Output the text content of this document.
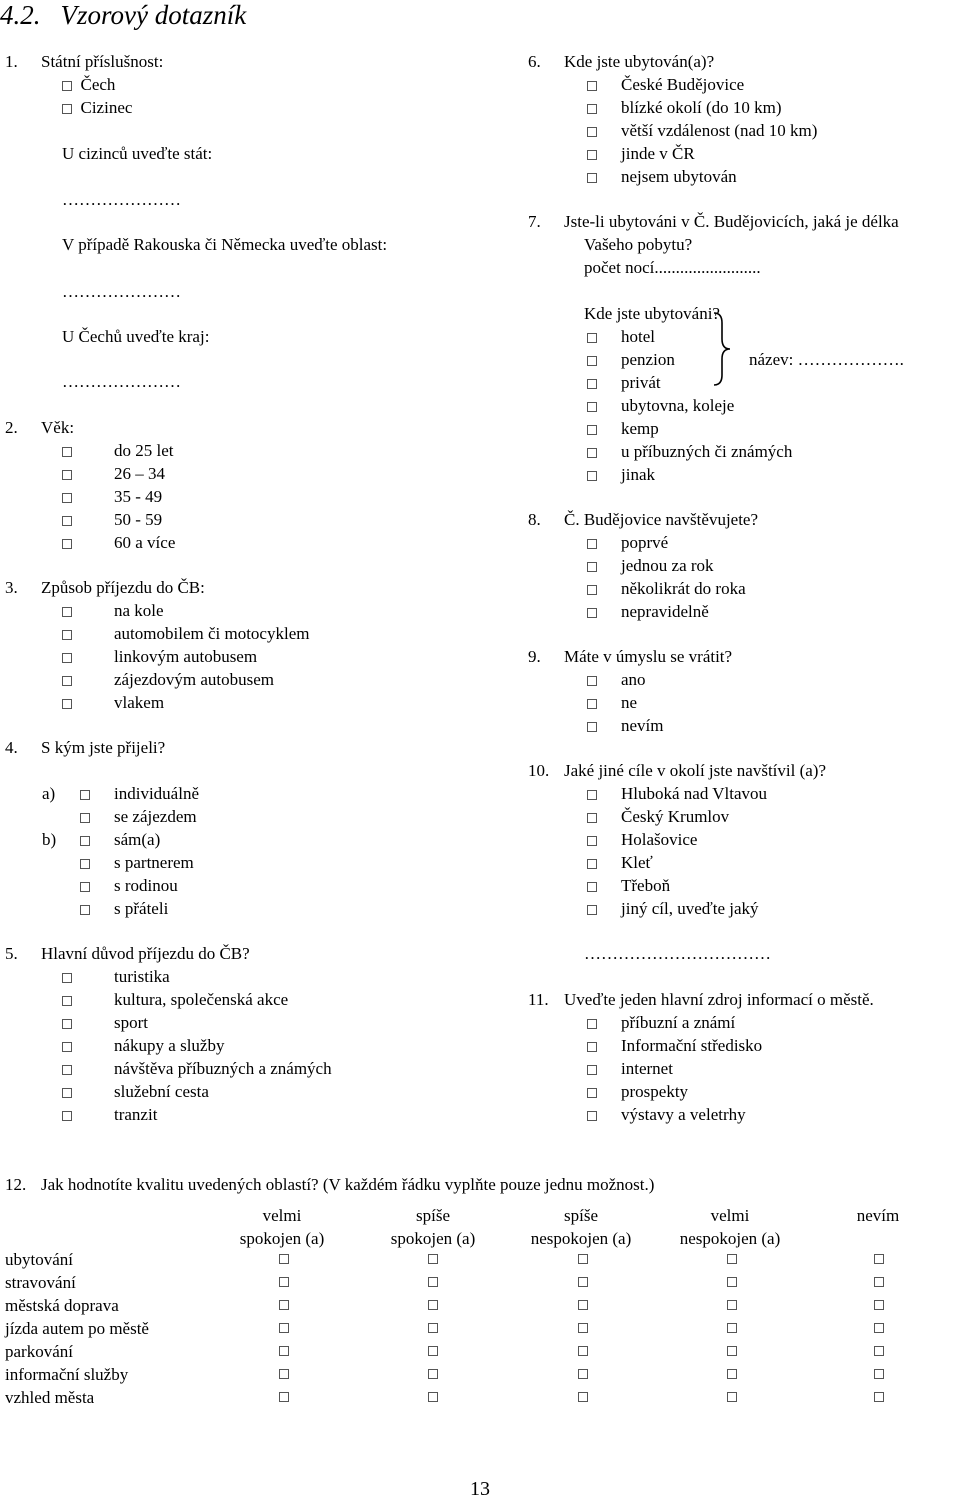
4.2. Vzorový dotazník
1. Státní příslušnost:
Čech
Cizinec
U cizinců uveďte stát:
…………………
V případě Rakouska či Německa uveďte oblast:
…………………
U Čechů uveďte kraj:
…………………
2. Věk:
do 25 let
26 – 34
35 - 49
50 - 59
60 a více
3. Způsob příjezdu do ČB:
na kole
automobilem či motocyklem
linkovým autobusem
zájezdovým autobusem
vlakem
4. S kým jste přijeli?
a)
b)
individuálně
se zájezdem
sám(a)
s partnerem
s rodinou
s přáteli
5. Hlavní důvod příjezdu do ČB?
turistika
kultura, společenská akce
sport
nákupy a služby
návštěva příbuzných a známých
služební cesta
tranzit
6. Kde jste ubytován(a)?
České Budějovice
blízké okolí (do 10 km)
větší vzdálenost (nad 10 km)
jinde v ČR
nejsem ubytován
7. Jste-li ubytováni v Č. Budějovicích, jaká je délka
Vašeho pobytu?
počet nocí.........................
Kde jste ubytováni?
hotel
penzion
privát
ubytovna, koleje
kemp
u příbuzných či známých
jinak
název: ……………….
8. Č. Budějovice navštěvujete?
poprvé
jednou za rok
několikrát do roka
nepravidelně
9. Máte v úmyslu se vrátit?
ano
ne
nevím
10. Jaké jiné cíle v okolí jste navštívil (a)?
Hluboká nad Vltavou
Český Krumlov
Holašovice
Kleť
Třeboň
jiný cíl, uveďte jaký
……………………………
11. Uveďte jeden hlavní zdroj informací o městě.
příbuzní a známí
Informační středisko
internet
prospekty
výstavy a veletrhy
12. Jak hodnotíte kvalitu uvedených oblastí? (V každém řádku vyplňte pouze jednu možnost.)
velmi
spokojen (a)
spíše
spokojen (a)
spíše
nespokojen (a)
velmi
nespokojen (a)
nevím
ubytování
stravování
městská doprava
jízda autem po městě
parkování
informační služby
vzhled města
13
